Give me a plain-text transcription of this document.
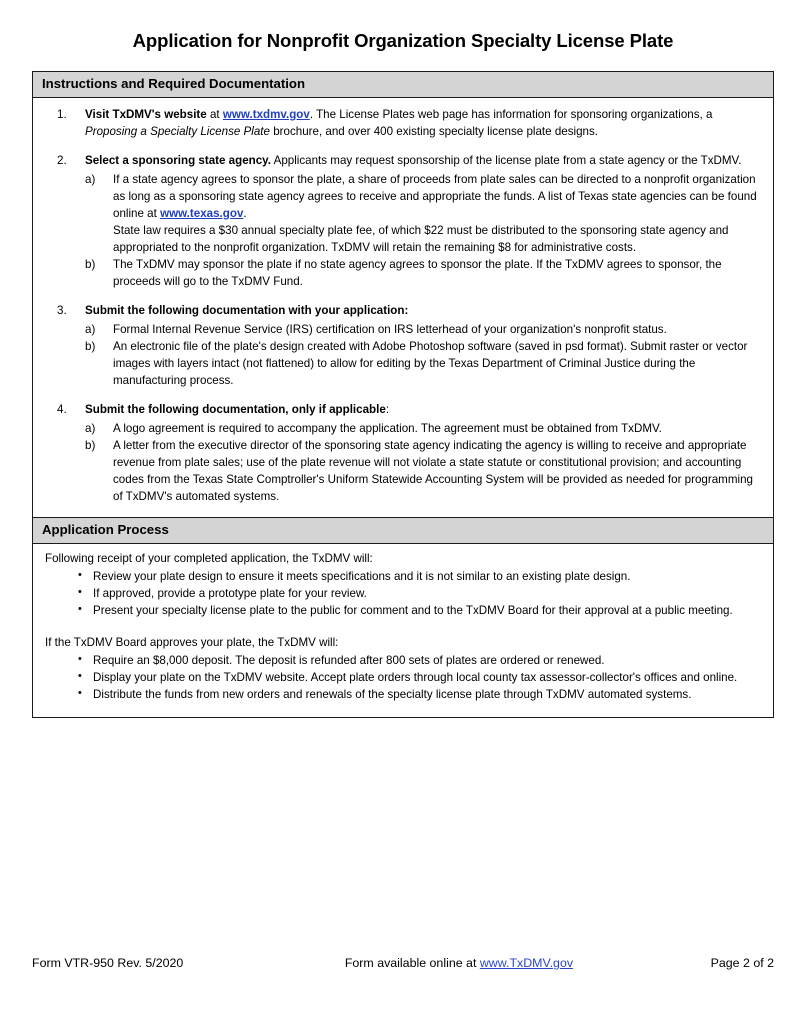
Application for Nonprofit Organization Specialty License Plate
Instructions and Required Documentation
1.	Visit TxDMV's website at www.txdmv.gov. The License Plates web page has information for sponsoring organizations, a Proposing a Specialty License Plate brochure, and over 400 existing specialty license plate designs.
2.	Select a sponsoring state agency. Applicants may request sponsorship of the license plate from a state agency or the TxDMV.
a)	If a state agency agrees to sponsor the plate, a share of proceeds from plate sales can be directed to a nonprofit organization as long as a sponsoring state agency agrees to receive and appropriate the funds. A list of Texas state agencies can be found online at www.texas.gov.
State law requires a $30 annual specialty plate fee, of which $22 must be distributed to the sponsoring state agency and appropriated to the nonprofit organization. TxDMV will retain the remaining $8 for administrative costs.
b)	The TxDMV may sponsor the plate if no state agency agrees to sponsor the plate. If the TxDMV agrees to sponsor, the proceeds will go to the TxDMV Fund.
3.	Submit the following documentation with your application:
a)	Formal Internal Revenue Service (IRS) certification on IRS letterhead of your organization's nonprofit status.
b)	An electronic file of the plate's design created with Adobe Photoshop software (saved in psd format). Submit raster or vector images with layers intact (not flattened) to allow for editing by the Texas Department of Criminal Justice during the manufacturing process.
4.	Submit the following documentation, only if applicable:
a)	A logo agreement is required to accompany the application. The agreement must be obtained from TxDMV.
b)	A letter from the executive director of the sponsoring state agency indicating the agency is willing to receive and appropriate revenue from plate sales; use of the plate revenue will not violate a state statute or constitutional provision; and accounting codes from the Texas State Comptroller's Uniform Statewide Accounting System will be provided as needed for programming of TxDMV's automated systems.
Application Process
Following receipt of your completed application, the TxDMV will:
• Review your plate design to ensure it meets specifications and it is not similar to an existing plate design.
• If approved, provide a prototype plate for your review.
• Present your specialty license plate to the public for comment and to the TxDMV Board for their approval at a public meeting.
If the TxDMV Board approves your plate, the TxDMV will:
• Require an $8,000 deposit. The deposit is refunded after 800 sets of plates are ordered or renewed.
• Display your plate on the TxDMV website. Accept plate orders through local county tax assessor-collector's offices and online.
• Distribute the funds from new orders and renewals of the specialty license plate through TxDMV automated systems.
Form VTR-950 Rev. 5/2020	Form available online at www.TxDMV.gov	Page 2 of 2
